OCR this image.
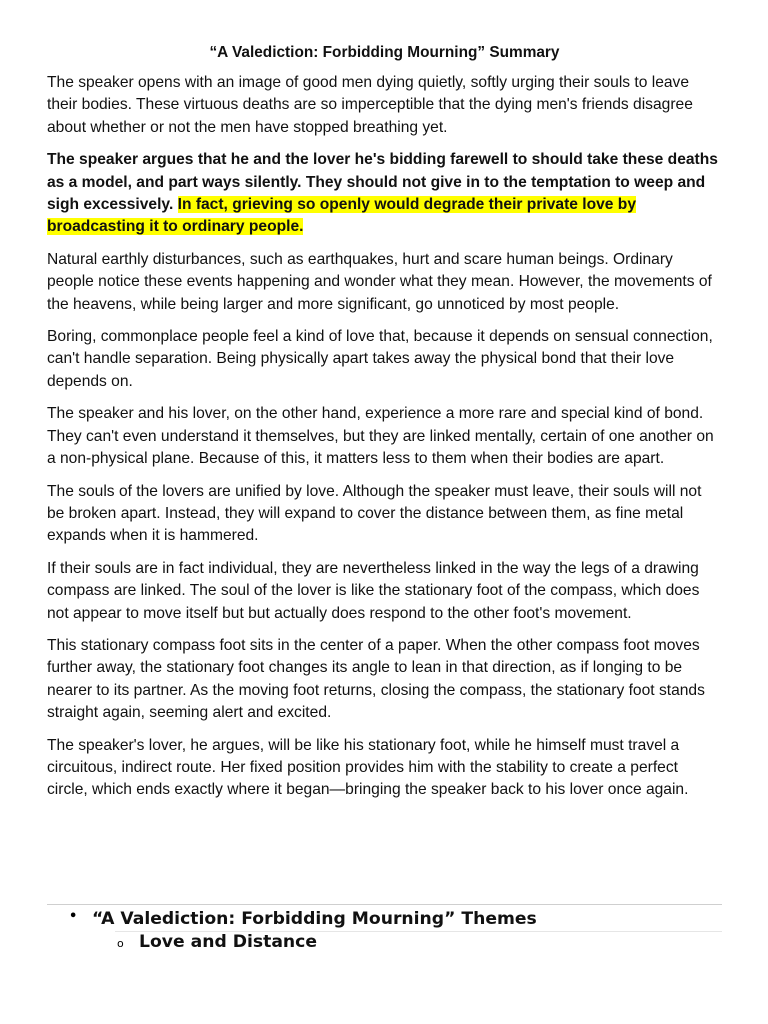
“A Valediction: Forbidding Mourning” Summary

The speaker opens with an image of good men dying quietly, softly urging their souls to leave their bodies. These virtuous deaths are so imperceptible that the dying men's friends disagree about whether or not the men have stopped breathing yet.

The speaker argues that he and the lover he's bidding farewell to should take these deaths as a model, and part ways silently. They should not give in to the temptation to weep and sigh excessively. In fact, grieving so openly would degrade their private love by broadcasting it to ordinary people.

Natural earthly disturbances, such as earthquakes, hurt and scare human beings. Ordinary people notice these events happening and wonder what they mean. However, the movements of the heavens, while being larger and more significant, go unnoticed by most people.

Boring, commonplace people feel a kind of love that, because it depends on sensual connection, can't handle separation. Being physically apart takes away the physical bond that their love depends on.

The speaker and his lover, on the other hand, experience a more rare and special kind of bond. They can't even understand it themselves, but they are linked mentally, certain of one another on a non-physical plane. Because of this, it matters less to them when their bodies are apart.

The souls of the lovers are unified by love. Although the speaker must leave, their souls will not be broken apart. Instead, they will expand to cover the distance between them, as fine metal expands when it is hammered.

If their souls are in fact individual, they are nevertheless linked in the way the legs of a drawing compass are linked. The soul of the lover is like the stationary foot of the compass, which does not appear to move itself but but actually does respond to the other foot's movement.

This stationary compass foot sits in the center of a paper. When the other compass foot moves further away, the stationary foot changes its angle to lean in that direction, as if longing to be nearer to its partner. As the moving foot returns, closing the compass, the stationary foot stands straight again, seeming alert and excited.

The speaker's lover, he argues, will be like his stationary foot, while he himself must travel a circuitous, indirect route. Her fixed position provides him with the stability to create a perfect circle, which ends exactly where it began—bringing the speaker back to his lover once again.

• “A Valediction: Forbidding Mourning” Themes
o Love and Distance
